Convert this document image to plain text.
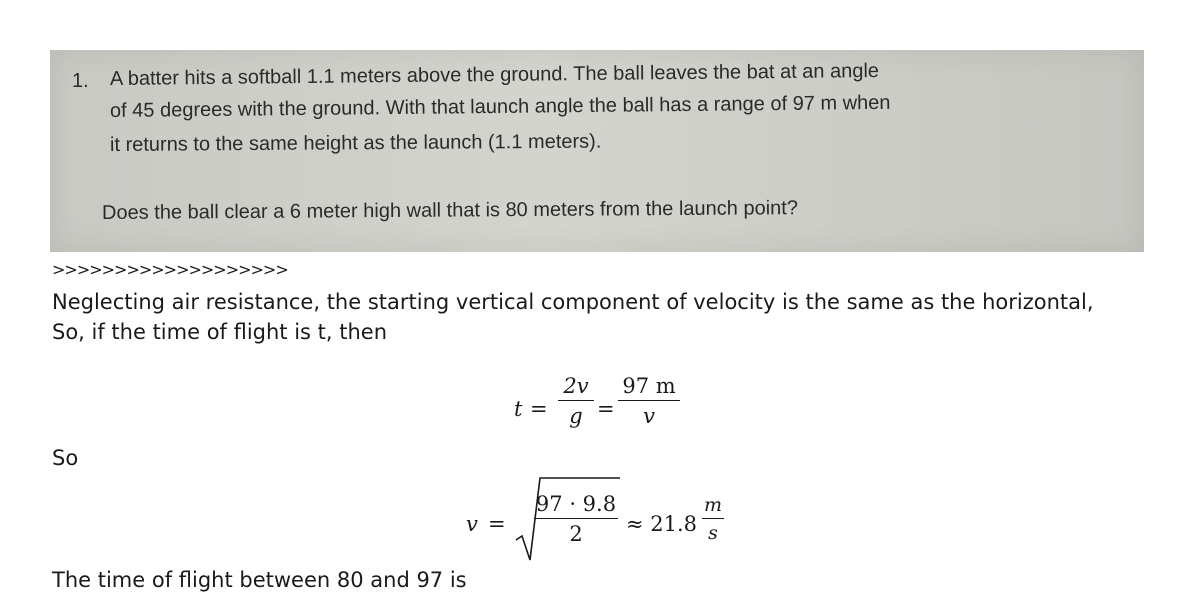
1. A batter hits a softball 1.1 meters above the ground. The ball leaves the bat at an angle
of 45 degrees with the ground. With that launch angle the ball has a range of 97 m when
it returns to the same height as the launch (1.1 meters).
Does the ball clear a 6 meter high wall that is 80 meters from the launch point?
>>>>>>>>>>>>>>>>>>>
Neglecting air resistance, the starting vertical component of velocity is the same as the horizontal,
So, if the time of flight is t, then
t =
2v
g =
97 m
v
So
v =
97 · 9.8
2	≈ 21.8
m
s
The time of flight between 80 and 97 is
